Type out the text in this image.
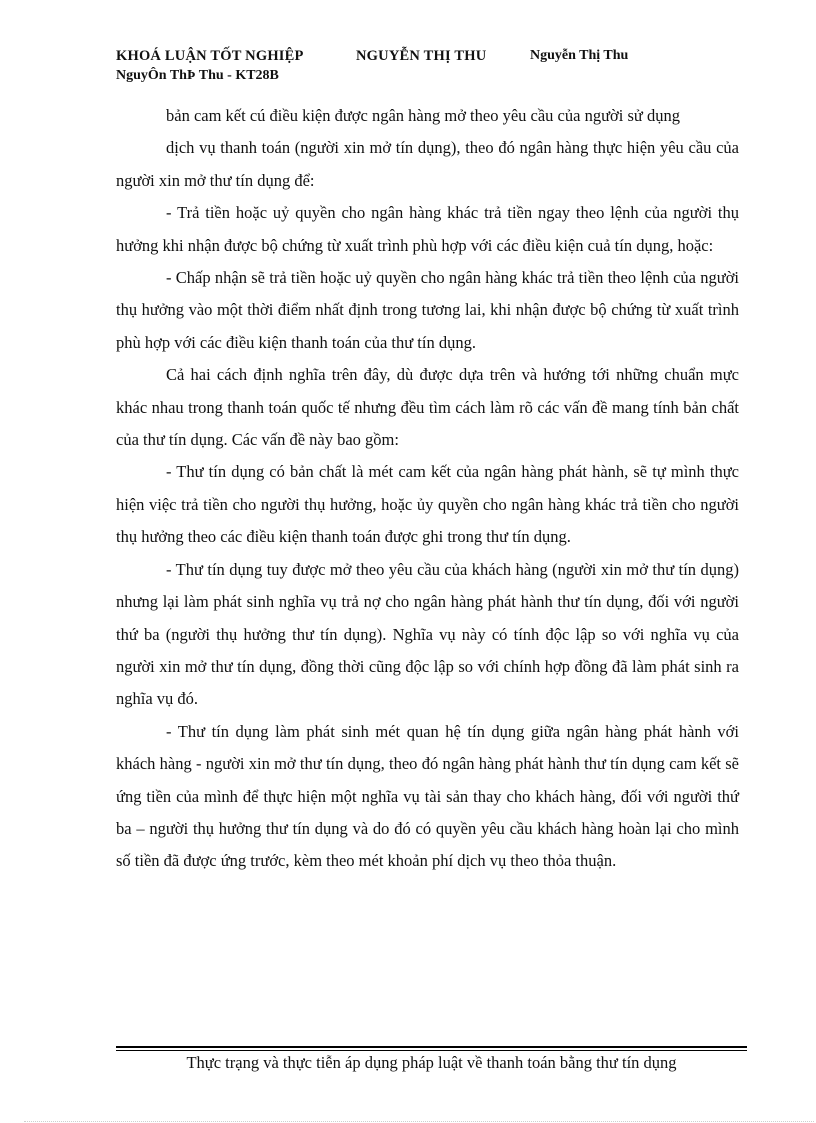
KHOÁ LUẬN TỐT NGHIỆP	NGUYỄN THỊ THU	Nguyễn Thị Thu
NguyÔn ThÞ Thu - KT28B

bản cam kết cú điều kiện được ngân hàng mở theo yêu cầu của người sử dụng

dịch vụ thanh toán (người xin mở tín dụng), theo đó ngân hàng thực hiện yêu cầu của người xin mở thư tín dụng để:

- Trả tiền hoặc uỷ quyền cho ngân hàng khác trả tiền ngay theo lệnh của người thụ hưởng khi nhận được bộ chứng từ xuất trình phù hợp với các điều kiện cuả tín dụng, hoặc:

- Chấp nhận sẽ trả tiền hoặc uỷ quyền cho ngân hàng khác trả tiền theo lệnh của người thụ hưởng vào một thời điểm nhất định trong tương lai, khi nhận được bộ chứng từ xuất trình phù hợp với các điều kiện thanh toán của thư tín dụng.

Cả hai cách định nghĩa trên đây, dù được dựa trên và hướng tới những chuẩn mực khác nhau trong thanh toán quốc tế nhưng đều tìm cách làm rõ các vấn đề mang tính bản chất của thư tín dụng. Các vấn đề này bao gồm:

- Thư tín dụng có bản chất là mét cam kết của ngân hàng phát hành, sẽ tự mình thực hiện việc trả tiền cho người thụ hưởng, hoặc ủy quyền cho ngân hàng khác trả tiền cho người thụ hưởng theo các điều kiện thanh toán được ghi trong thư tín dụng.

- Thư tín dụng tuy được mở theo yêu cầu của khách hàng (người xin mở thư tín dụng) nhưng lại làm phát sinh nghĩa vụ trả nợ cho ngân hàng phát hành thư tín dụng, đối với người thứ ba (người thụ hưởng thư tín dụng). Nghĩa vụ này có tính độc lập so với nghĩa vụ của người xin mở thư tín dụng, đồng thời cũng độc lập so với chính hợp đồng đã làm phát sinh ra nghĩa vụ đó.

- Thư tín dụng làm phát sinh mét quan hệ tín dụng giữa ngân hàng phát hành với khách hàng - người xin mở thư tín dụng, theo đó ngân hàng phát hành thư tín dụng cam kết sẽ ứng tiền của mình để thực hiện một nghĩa vụ tài sản thay cho khách hàng, đối với người thứ ba – người thụ hưởng thư tín dụng và do đó có quyền yêu cầu khách hàng hoàn lại cho mình số tiền đã được ứng trước, kèm theo mét khoản phí dịch vụ theo thỏa thuận.

Thực trạng và thực tiễn áp dụng pháp luật về thanh toán bằng thư tín dụng
